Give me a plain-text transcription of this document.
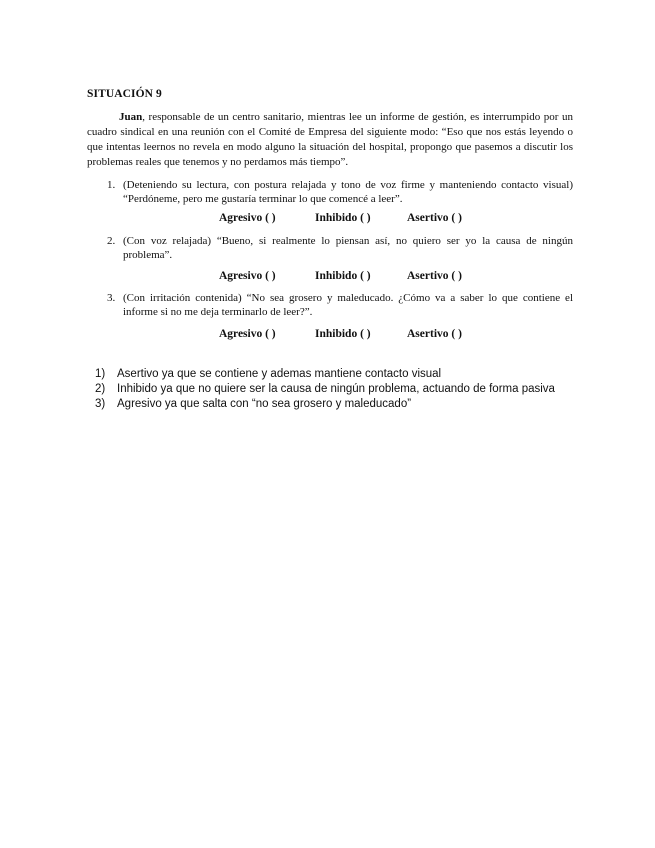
SITUACIÓN 9
Juan, responsable de un centro sanitario, mientras lee un informe de gestión, es interrumpido por un cuadro sindical en una reunión con el Comité de Empresa del siguiente modo: “Eso que nos estás leyendo o que intentas leernos no revela en modo alguno la situación del hospital, propongo que pasemos a discutir los problemas reales que tenemos y no perdamos más tiempo”.
1. (Deteniendo su lectura, con postura relajada y tono de voz firme y manteniendo contacto visual) “Perdóneme, pero me gustaría terminar lo que comencé a leer”.
Agresivo ( )	Inhibido ( )	Asertivo ( )
2. (Con voz relajada) “Bueno, si realmente lo piensan así, no quiero ser yo la causa de ningún problema”.
Agresivo ( )	Inhibido ( )	Asertivo ( )
3. (Con irritación contenida) “No sea grosero y maleducado. ¿Cómo va a saber lo que contiene el informe si no me deja terminarlo de leer?”.
Agresivo ( )	Inhibido ( )	Asertivo ( )
1) Asertivo ya que se contiene y ademas mantiene contacto visual
2) Inhibido ya que no quiere ser la causa de ningún problema, actuando de forma pasiva
3) Agresivo ya que salta con “no sea grosero y maleducado”
